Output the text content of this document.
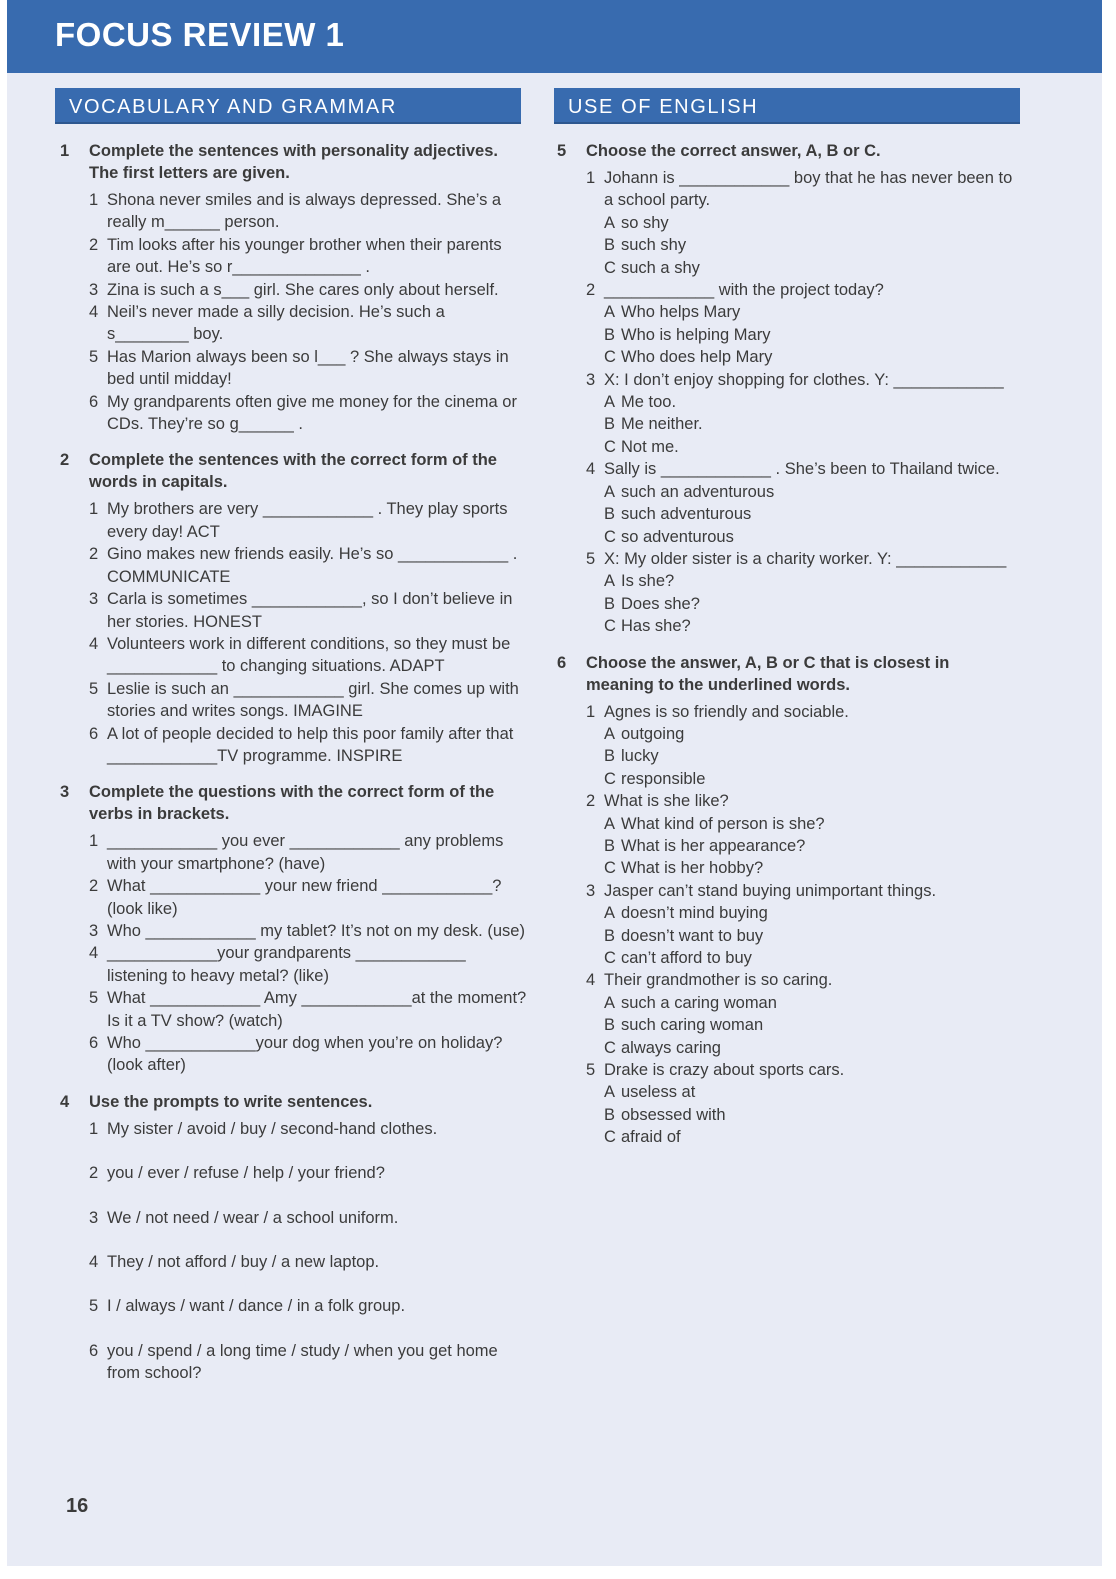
FOCUS REVIEW 1
VOCABULARY AND GRAMMAR	USE OF ENGLISH
1	Complete the sentences with personality adjectives. The first letters are given.
1 Shona never smiles and is always depressed. She’s a really m______ person.
2 Tim looks after his younger brother when their parents are out. He’s so r______________ .
3 Zina is such a s___ girl. She cares only about herself.
4 Neil’s never made a silly decision. He’s such a s________ boy.
5 Has Marion always been so l___ ? She always stays in bed until midday!
6 My grandparents often give me money for the cinema or CDs. They’re so g______ .
2	Complete the sentences with the correct form of the words in capitals.
1 My brothers are very ____________ . They play sports every day! ACT
2 Gino makes new friends easily. He’s so ____________ . COMMUNICATE
3 Carla is sometimes ____________, so I don’t believe in her stories. HONEST
4 Volunteers work in different conditions, so they must be ____________ to changing situations. ADAPT
5 Leslie is such an ____________ girl. She comes up with stories and writes songs. IMAGINE
6 A lot of people decided to help this poor family after that ____________TV programme. INSPIRE
3	Complete the questions with the correct form of the verbs in brackets.
1 ____________ you ever ____________ any problems with your smartphone? (have)
2 What ____________ your new friend ____________? (look like)
3 Who ____________ my tablet? It’s not on my desk. (use)
4 ____________your grandparents ____________ listening to heavy metal? (like)
5 What ____________ Amy ____________at the moment? Is it a TV show? (watch)
6 Who ____________your dog when you’re on holiday? (look after)
4	Use the prompts to write sentences.
1 My sister / avoid / buy / second-hand clothes.
2 you / ever / refuse / help / your friend?
3 We / not need / wear / a school uniform.
4 They / not afford / buy / a new laptop.
5 I / always / want / dance / in a folk group.
6 you / spend / a long time / study / when you get home from school?
5	Choose the correct answer, A, B or C.
1 Johann is ____________ boy that he has never been to a school party.
A so shy
B such shy
C such a shy
2 ____________ with the project today?
A Who helps Mary
B Who is helping Mary
C Who does help Mary
3 X: I don’t enjoy shopping for clothes. Y: ____________
A Me too.
B Me neither.
C Not me.
4 Sally is ____________ . She’s been to Thailand twice.
A such an adventurous
B such adventurous
C so adventurous
5 X: My older sister is a charity worker. Y: ____________
A Is she?
B Does she?
C Has she?
6	Choose the answer, A, B or C that is closest in meaning to the underlined words.
1 Agnes is so friendly and sociable.
A outgoing
B lucky
C responsible
2 What is she like?
A What kind of person is she?
B What is her appearance?
C What is her hobby?
3 Jasper can’t stand buying unimportant things.
A doesn’t mind buying
B doesn’t want to buy
C can’t afford to buy
4 Their grandmother is so caring.
A such a caring woman
B such caring woman
C always caring
5 Drake is crazy about sports cars.
A useless at
B obsessed with
C afraid of
16
